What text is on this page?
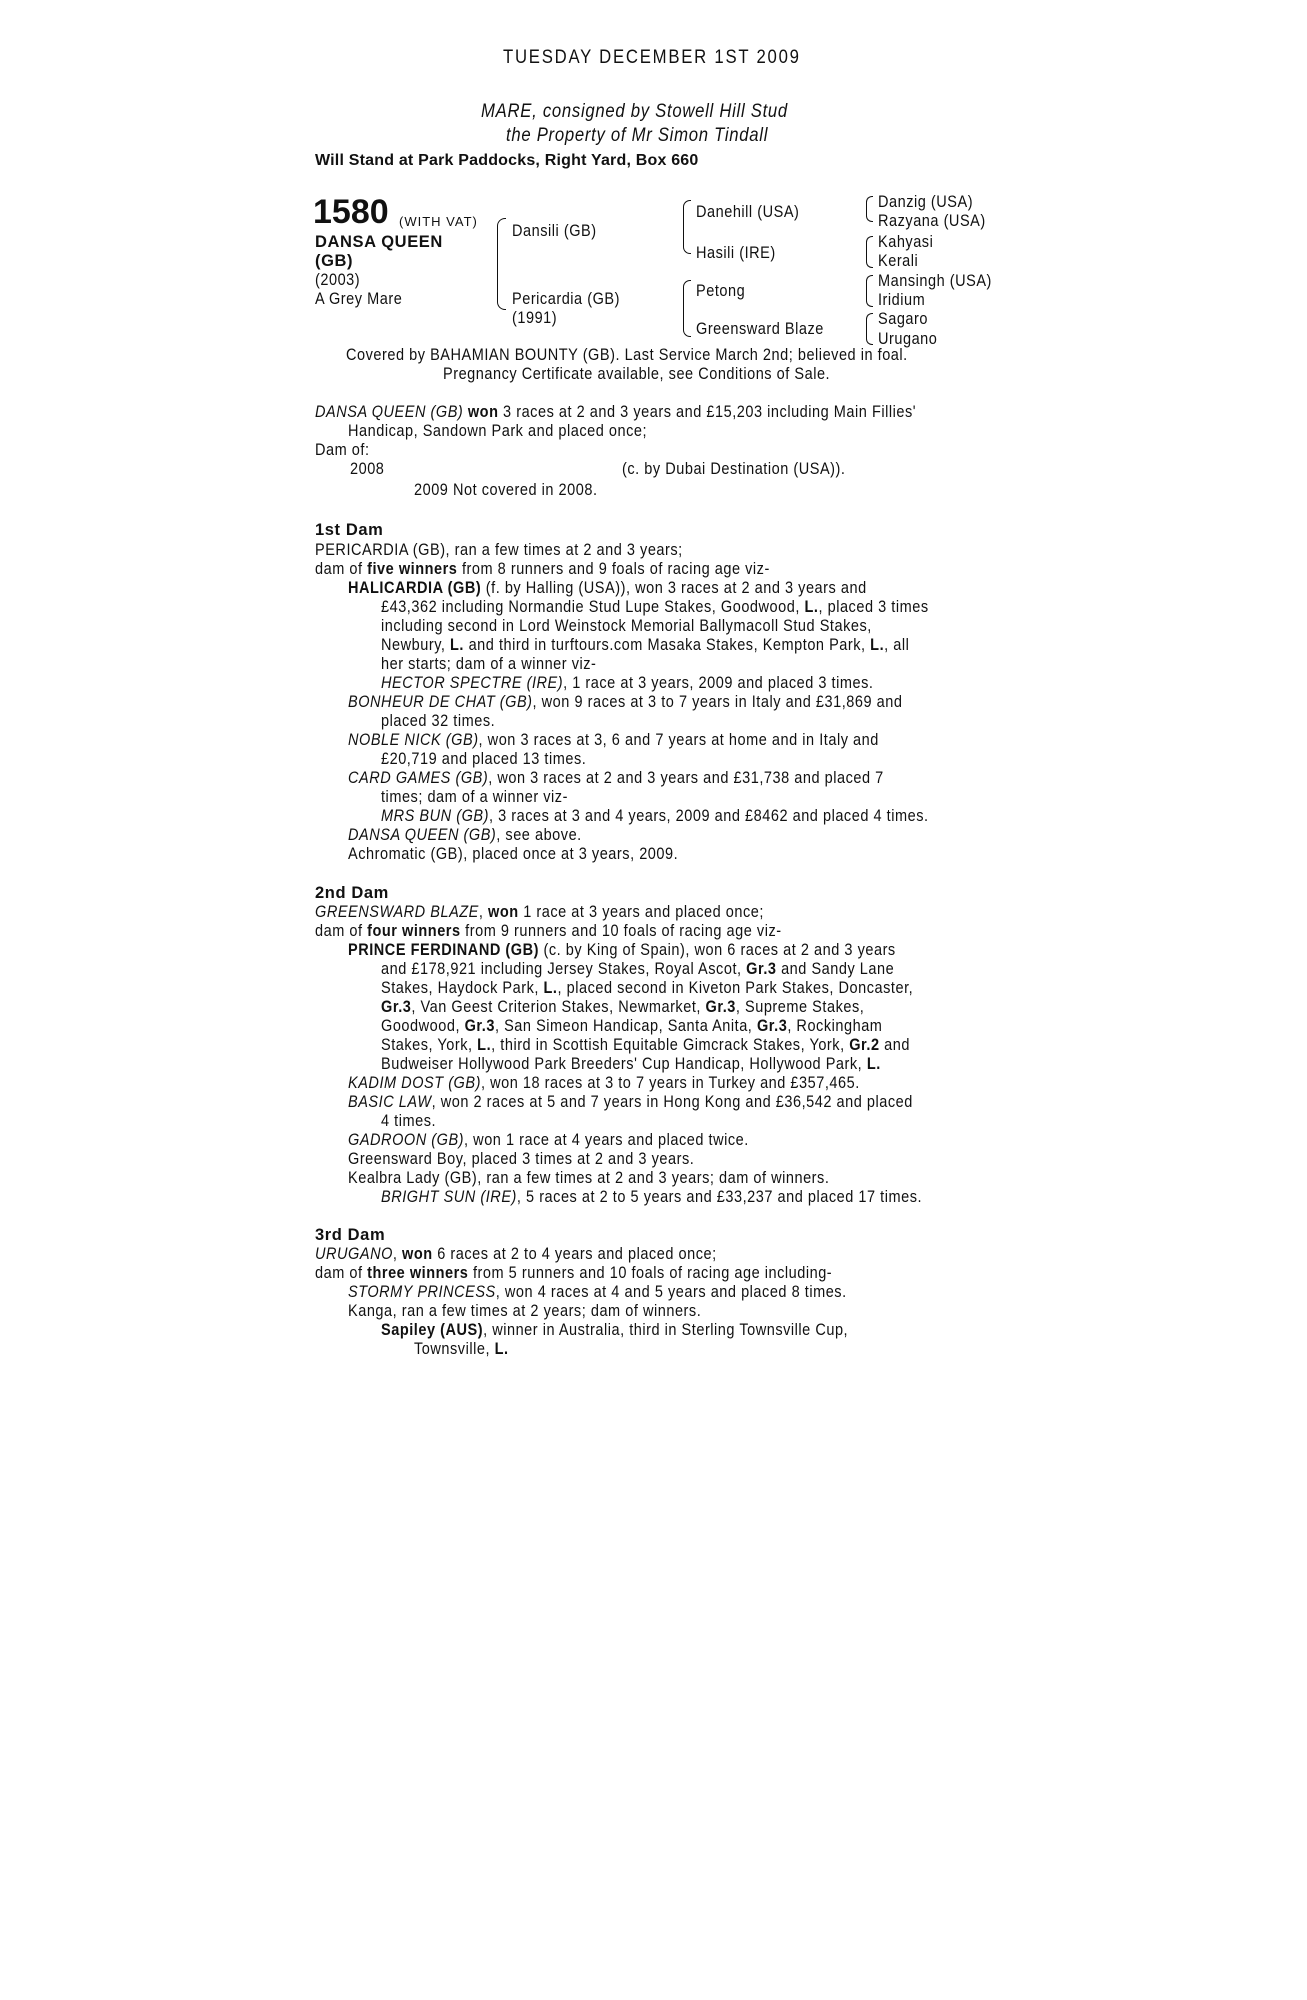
TUESDAY DECEMBER 1ST 2009
MARE, consigned by Stowell Hill Stud
the Property of Mr Simon Tindall
Will Stand at Park Paddocks, Right Yard, Box 660
1580 (WITH VAT)
DANSA QUEEN
(GB)
(2003)
A Grey Mare
Dansili (GB)
Pericardia (GB)
(1991)
Danehill (USA)
Hasili (IRE)
Petong
Greensward Blaze
Danzig (USA)
Razyana (USA)
Kahyasi
Kerali
Mansingh (USA)
Iridium
Sagaro
Urugano
Covered by BAHAMIAN BOUNTY (GB). Last Service March 2nd; believed in foal.
Pregnancy Certificate available, see Conditions of Sale.
DANSA QUEEN (GB) won 3 races at 2 and 3 years and £15,203 including Main Fillies'
Handicap, Sandown Park and placed once;
Dam of:
2008	(c. by Dubai Destination (USA)).
2009 Not covered in 2008.
1st Dam
PERICARDIA (GB), ran a few times at 2 and 3 years;
dam of five winners from 8 runners and 9 foals of racing age viz-
HALICARDIA (GB) (f. by Halling (USA)), won 3 races at 2 and 3 years and
£43,362 including Normandie Stud Lupe Stakes, Goodwood, L., placed 3 times
including second in Lord Weinstock Memorial Ballymacoll Stud Stakes,
Newbury, L. and third in turftours.com Masaka Stakes, Kempton Park, L., all
her starts; dam of a winner viz-
HECTOR SPECTRE (IRE), 1 race at 3 years, 2009 and placed 3 times.
BONHEUR DE CHAT (GB), won 9 races at 3 to 7 years in Italy and £31,869 and
placed 32 times.
NOBLE NICK (GB), won 3 races at 3, 6 and 7 years at home and in Italy and
£20,719 and placed 13 times.
CARD GAMES (GB), won 3 races at 2 and 3 years and £31,738 and placed 7
times; dam of a winner viz-
MRS BUN (GB), 3 races at 3 and 4 years, 2009 and £8462 and placed 4 times.
DANSA QUEEN (GB), see above.
Achromatic (GB), placed once at 3 years, 2009.
2nd Dam
GREENSWARD BLAZE, won 1 race at 3 years and placed once;
dam of four winners from 9 runners and 10 foals of racing age viz-
PRINCE FERDINAND (GB) (c. by King of Spain), won 6 races at 2 and 3 years
and £178,921 including Jersey Stakes, Royal Ascot, Gr.3 and Sandy Lane
Stakes, Haydock Park, L., placed second in Kiveton Park Stakes, Doncaster,
Gr.3, Van Geest Criterion Stakes, Newmarket, Gr.3, Supreme Stakes,
Goodwood, Gr.3, San Simeon Handicap, Santa Anita, Gr.3, Rockingham
Stakes, York, L., third in Scottish Equitable Gimcrack Stakes, York, Gr.2 and
Budweiser Hollywood Park Breeders' Cup Handicap, Hollywood Park, L.
KADIM DOST (GB), won 18 races at 3 to 7 years in Turkey and £357,465.
BASIC LAW, won 2 races at 5 and 7 years in Hong Kong and £36,542 and placed
4 times.
GADROON (GB), won 1 race at 4 years and placed twice.
Greensward Boy, placed 3 times at 2 and 3 years.
Kealbra Lady (GB), ran a few times at 2 and 3 years; dam of winners.
BRIGHT SUN (IRE), 5 races at 2 to 5 years and £33,237 and placed 17 times.
3rd Dam
URUGANO, won 6 races at 2 to 4 years and placed once;
dam of three winners from 5 runners and 10 foals of racing age including-
STORMY PRINCESS, won 4 races at 4 and 5 years and placed 8 times.
Kanga, ran a few times at 2 years; dam of winners.
Sapiley (AUS), winner in Australia, third in Sterling Townsville Cup,
Townsville, L.
